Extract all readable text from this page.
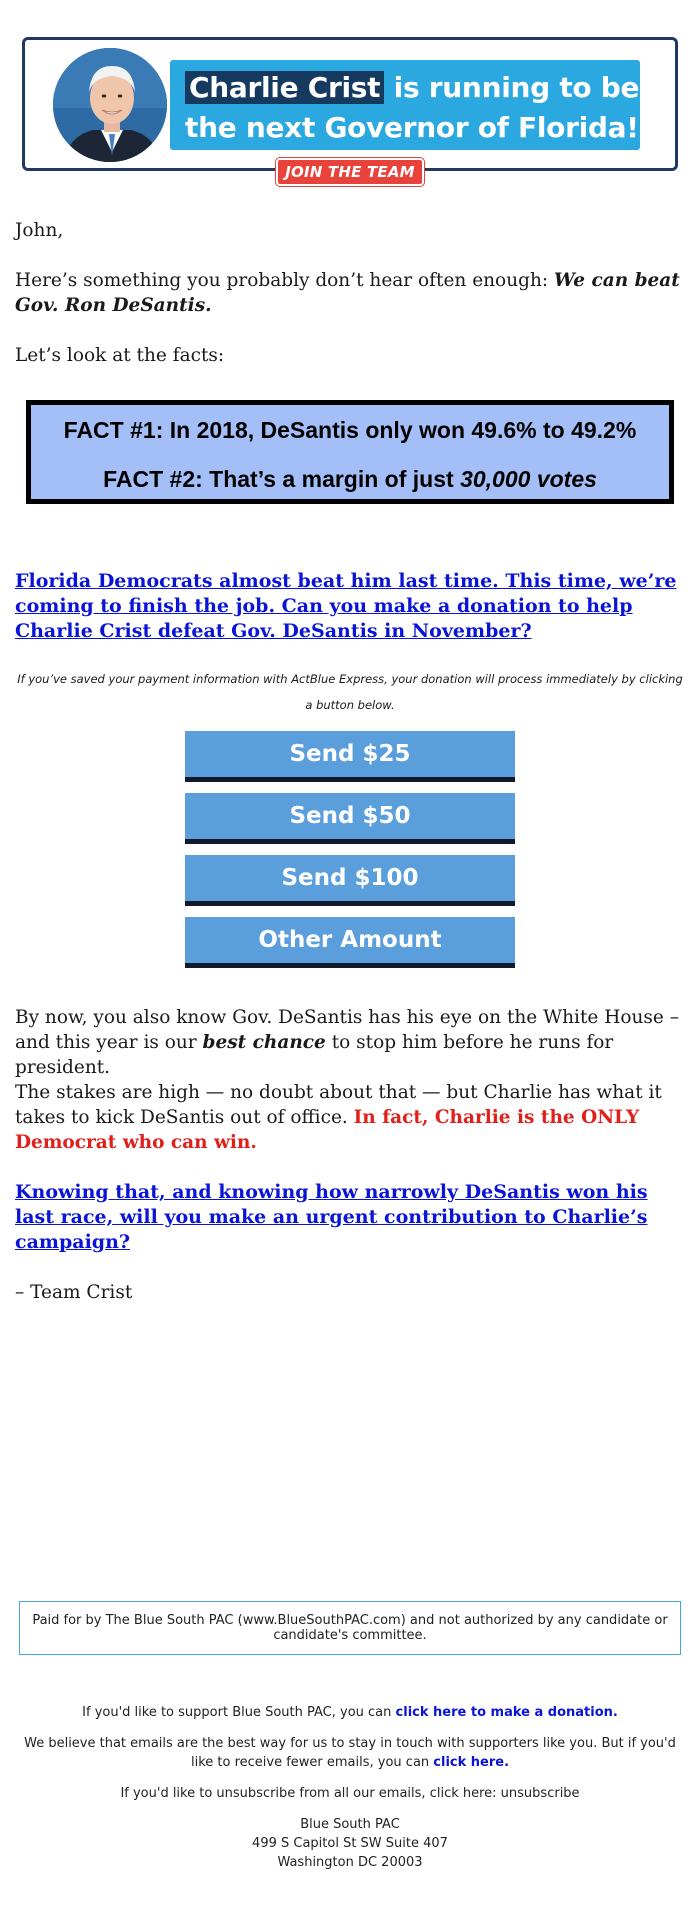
Charlie Crist is running to be the next Governor of Florida!
JOIN THE TEAM
John,
Here’s something you probably don’t hear often enough: We can beat Gov. Ron DeSantis.
Let’s look at the facts:
FACT #1: In 2018, DeSantis only won 49.6% to 49.2%
FACT #2: That’s a margin of just 30,000 votes
Florida Democrats almost beat him last time. This time, we’re coming to finish the job. Can you make a donation to help Charlie Crist defeat Gov. DeSantis in November?
If you’ve saved your payment information with ActBlue Express, your donation will process immediately by clicking a button below.
Send $25
Send $50
Send $100
Other Amount
By now, you also know Gov. DeSantis has his eye on the White House – and this year is our best chance to stop him before he runs for president.
The stakes are high — no doubt about that — but Charlie has what it takes to kick DeSantis out of office. In fact, Charlie is the ONLY Democrat who can win.
Knowing that, and knowing how narrowly DeSantis won his last race, will you make an urgent contribution to Charlie’s campaign?
– Team Crist
Paid for by The Blue South PAC (www.BlueSouthPAC.com) and not authorized by any candidate or candidate's committee.
If you'd like to support Blue South PAC, you can click here to make a donation.
We believe that emails are the best way for us to stay in touch with supporters like you. But if you'd like to receive fewer emails, you can click here.
If you'd like to unsubscribe from all our emails, click here: unsubscribe
Blue South PAC
499 S Capitol St SW Suite 407
Washington DC 20003
